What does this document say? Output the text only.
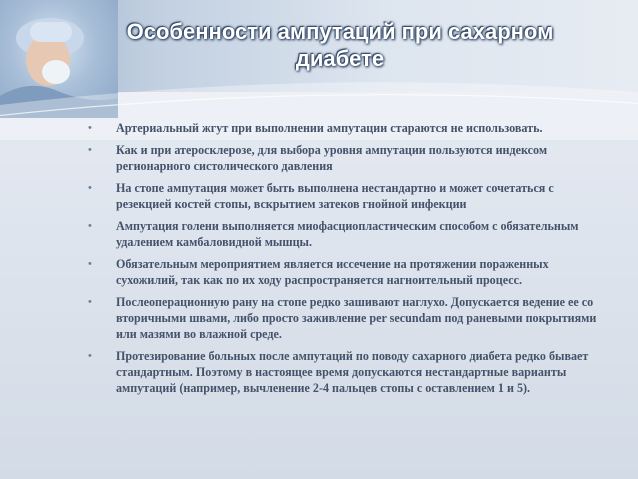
Особенности ампутаций при сахарном диабете
• Артериальный жгут при выполнении ампутации стараются не использовать.
• Как и при атеросклерозе, для выбора уровня ампутации пользуются индексом регионарного систолического давления
• На стопе ампутация может быть выполнена нестандартно и может сочетаться с резекцией костей стопы, вскрытием затеков гнойной инфекции
• Ампутация голени выполняется миофасциопластическим способом с обязательным удалением камбаловидной мышцы.
• Обязательным мероприятием является иссечение на протяжении пораженных сухожилий, так как по их ходу распространяется нагноительный процесс.
• Послеоперационную рану на стопе редко зашивают наглухо. Допускается ведение ее со вторичными швами, либо просто заживление per secundam под раневыми покрытиями или мазями во влажной среде.
• Протезирование больных после ампутаций по поводу сахарного диабета редко бывает стандартным. Поэтому в настоящее время допускаются нестандартные варианты ампутаций (например, вычленение 2-4 пальцев стопы с оставлением 1 и 5).
